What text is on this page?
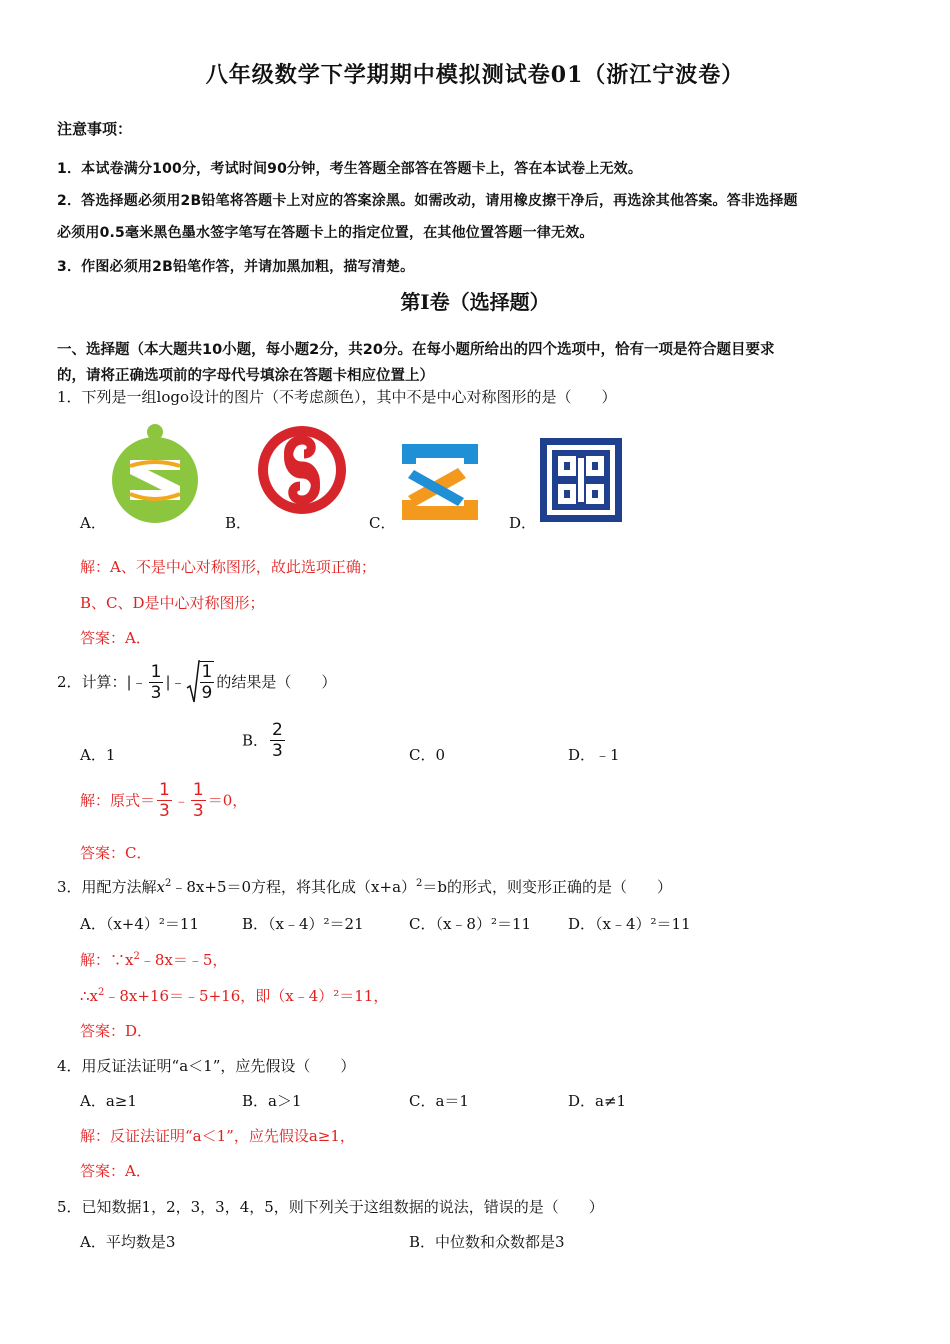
八年级数学下学期期中模拟测试卷01（浙江宁波卷）
注意事项：
1．本试卷满分100分，考试时间90分钟，考生答题全部答在答题卡上，答在本试卷上无效。
2．答选择题必须用2B铅笔将答题卡上对应的答案涂黑。如需改动，请用橡皮擦干净后，再选涂其他答案。答非选择题
必须用0.5毫米黑色墨水签字笔写在答题卡上的指定位置，在其他位置答题一律无效。
3．作图必须用2B铅笔作答，并请加黑加粗，描写清楚。
第Ⅰ卷（选择题）
一、选择题（本大题共10小题，每小题2分，共20分。在每小题所给出的四个选项中，恰有一项是符合题目要求
的，请将正确选项前的字母代号填涂在答题卡相应位置上）
1．下列是一组logo设计的图片（不考虑颜色），其中不是中心对称图形的是（　　）
A．	B．	C．	D．
解：A、不是中心对称图形，故此选项正确；
B、C、D是中心对称图形；
答案：A．
2．计算：|﹣ $\frac{1}{3}$ |﹣ $\frac{1}{9}$ 的结果是（　　）
A．1
B． $\frac{2}{3}$	C．0	D．﹣1
解：原式＝ $\frac{1}{3}$ ﹣ $\frac{1}{3} =0$，
答案：C．
3．用配方法解$x^2﹣8x+5=0$方程，将其化成$(x+a)^2=b$的形式，则变形正确的是（　　）
A．（x+4）²＝11	B．（x﹣4）²＝21	C．（x﹣8）²＝11 D．（x﹣4）²＝11
解：$\because x^2﹣8x=﹣5$，
$\therefore x^2﹣8x+16=﹣5+16$，即（x﹣4）²＝11，
答案：D．
4．用反证法证明“a＜1”，应先假设（　　）
A．a≥1	B．a＞1	C．a＝1	D．a≠1
解：反证法证明“a＜1”，应先假设a≥1，
答案：A．
5．已知数据1，2，3，3，4，5，则下列关于这组数据的说法，错误的是（　　）
A．平均数是3	B．中位数和众数都是3
